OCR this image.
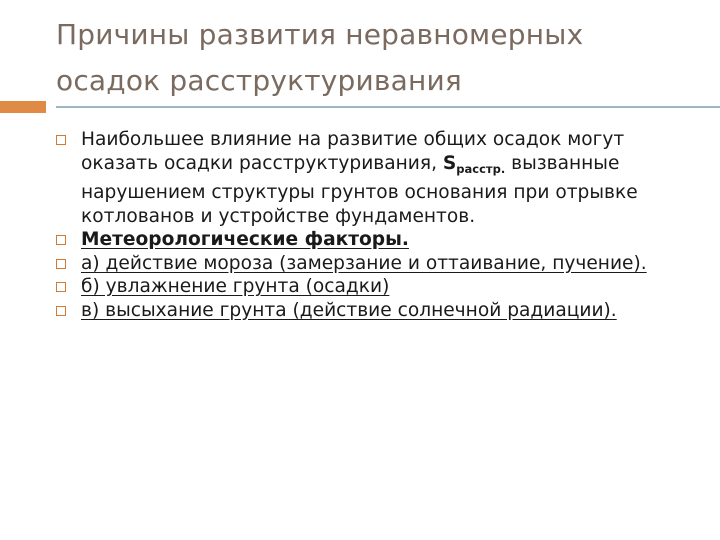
Причины развития неравномерных осадок расструктуривания
Наибольшее влияние на развитие общих осадок могут оказать осадки расструктуривания, $S_{расстр.}$ вызванные нарушением структуры грунтов основания при отрывке котлованов и устройстве фундаментов.
Метеорологические факторы.
а) действие мороза (замерзание и оттаивание, пучение).
б) увлажнение грунта (осадки)
в) высыхание грунта (действие солнечной радиации).
